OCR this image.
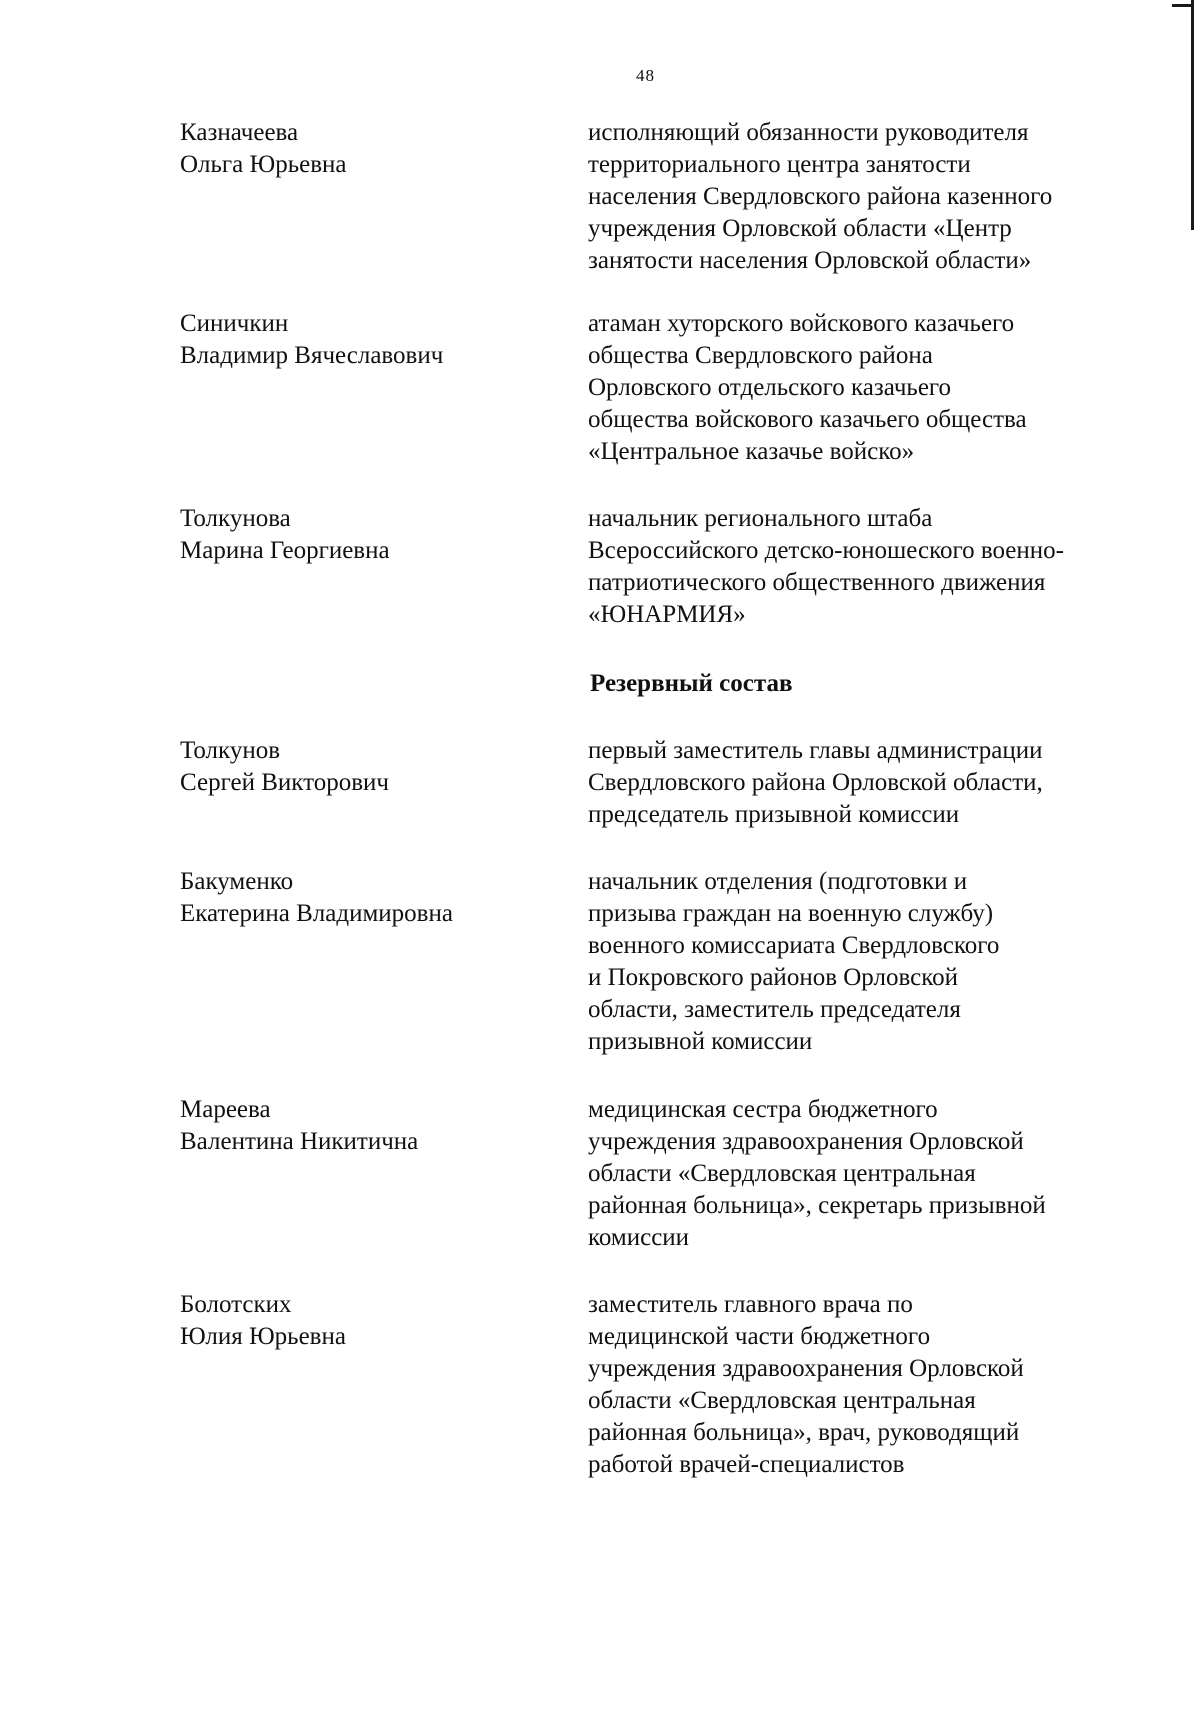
48
Казначеева
Ольга Юрьевна
исполняющий обязанности руководителя
территориального центра занятости
населения Свердловского района казенного
учреждения Орловской области «Центр
занятости населения Орловской области»
Синичкин
Владимир Вячеславович
атаман хуторского войскового казачьего
общества Свердловского района
Орловского отдельского казачьего
общества войскового казачьего общества
«Центральное казачье войско»
Толкунова
Марина Георгиевна
начальник регионального штаба
Всероссийского детско-юношеского военно-
патриотического общественного движения
«ЮНАРМИЯ»
Резервный состав
Толкунов
Сергей Викторович
первый заместитель главы администрации
Свердловского района Орловской области,
председатель призывной комиссии
Бакуменко
Екатерина Владимировна
начальник отделения (подготовки и
призыва граждан на военную службу)
военного комиссариата Свердловского
и Покровского районов Орловской
области, заместитель председателя
призывной комиссии
Мареева
Валентина Никитична
медицинская сестра бюджетного
учреждения здравоохранения Орловской
области «Свердловская центральная
районная больница», секретарь призывной
комиссии
Болотских
Юлия Юрьевна
заместитель главного врача по
медицинской части бюджетного
учреждения здравоохранения Орловской
области «Свердловская центральная
районная больница», врач, руководящий
работой врачей-специалистов
